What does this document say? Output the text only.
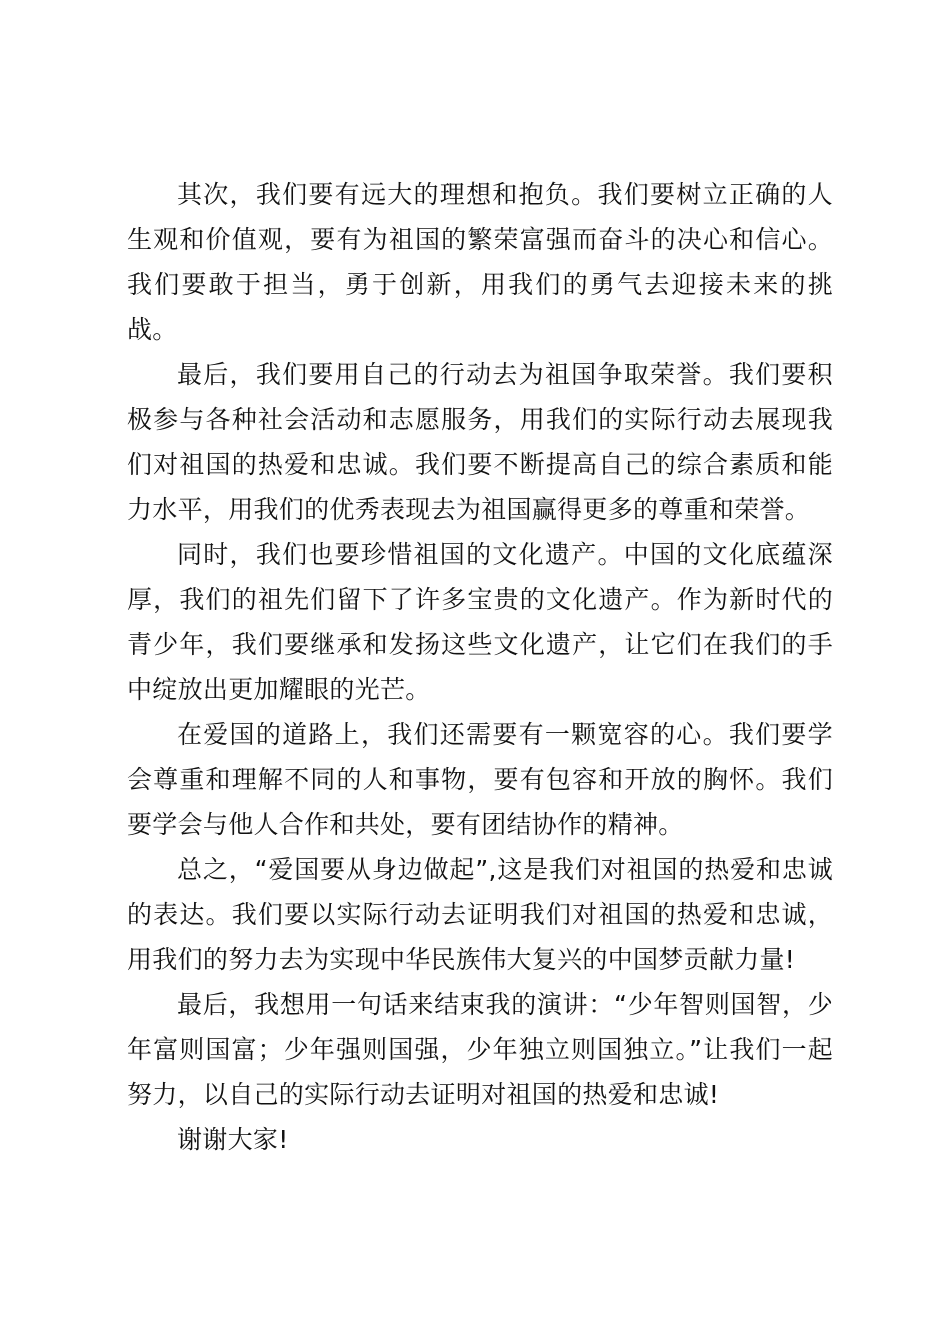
其次，我们要有远大的理想和抱负。我们要树立正确的人生观和价值观，要有为祖国的繁荣富强而奋斗的决心和信心。我们要敢于担当，勇于创新，用我们的勇气去迎接未来的挑战。

最后，我们要用自己的行动去为祖国争取荣誉。我们要积极参与各种社会活动和志愿服务，用我们的实际行动去展现我们对祖国的热爱和忠诚。我们要不断提高自己的综合素质和能力水平，用我们的优秀表现去为祖国赢得更多的尊重和荣誉。

同时，我们也要珍惜祖国的文化遗产。中国的文化底蕴深厚，我们的祖先们留下了许多宝贵的文化遗产。作为新时代的青少年，我们要继承和发扬这些文化遗产，让它们在我们的手中绽放出更加耀眼的光芒。

在爱国的道路上，我们还需要有一颗宽容的心。我们要学会尊重和理解不同的人和事物，要有包容和开放的胸怀。我们要学会与他人合作和共处，要有团结协作的精神。

总之，“爱国要从身边做起”,这是我们对祖国的热爱和忠诚的表达。我们要以实际行动去证明我们对祖国的热爱和忠诚，用我们的努力去为实现中华民族伟大复兴的中国梦贡献力量!

最后，我想用一句话来结束我的演讲：“少年智则国智，少年富则国富；少年强则国强，少年独立则国独立。”让我们一起努力，以自己的实际行动去证明对祖国的热爱和忠诚!

谢谢大家!
